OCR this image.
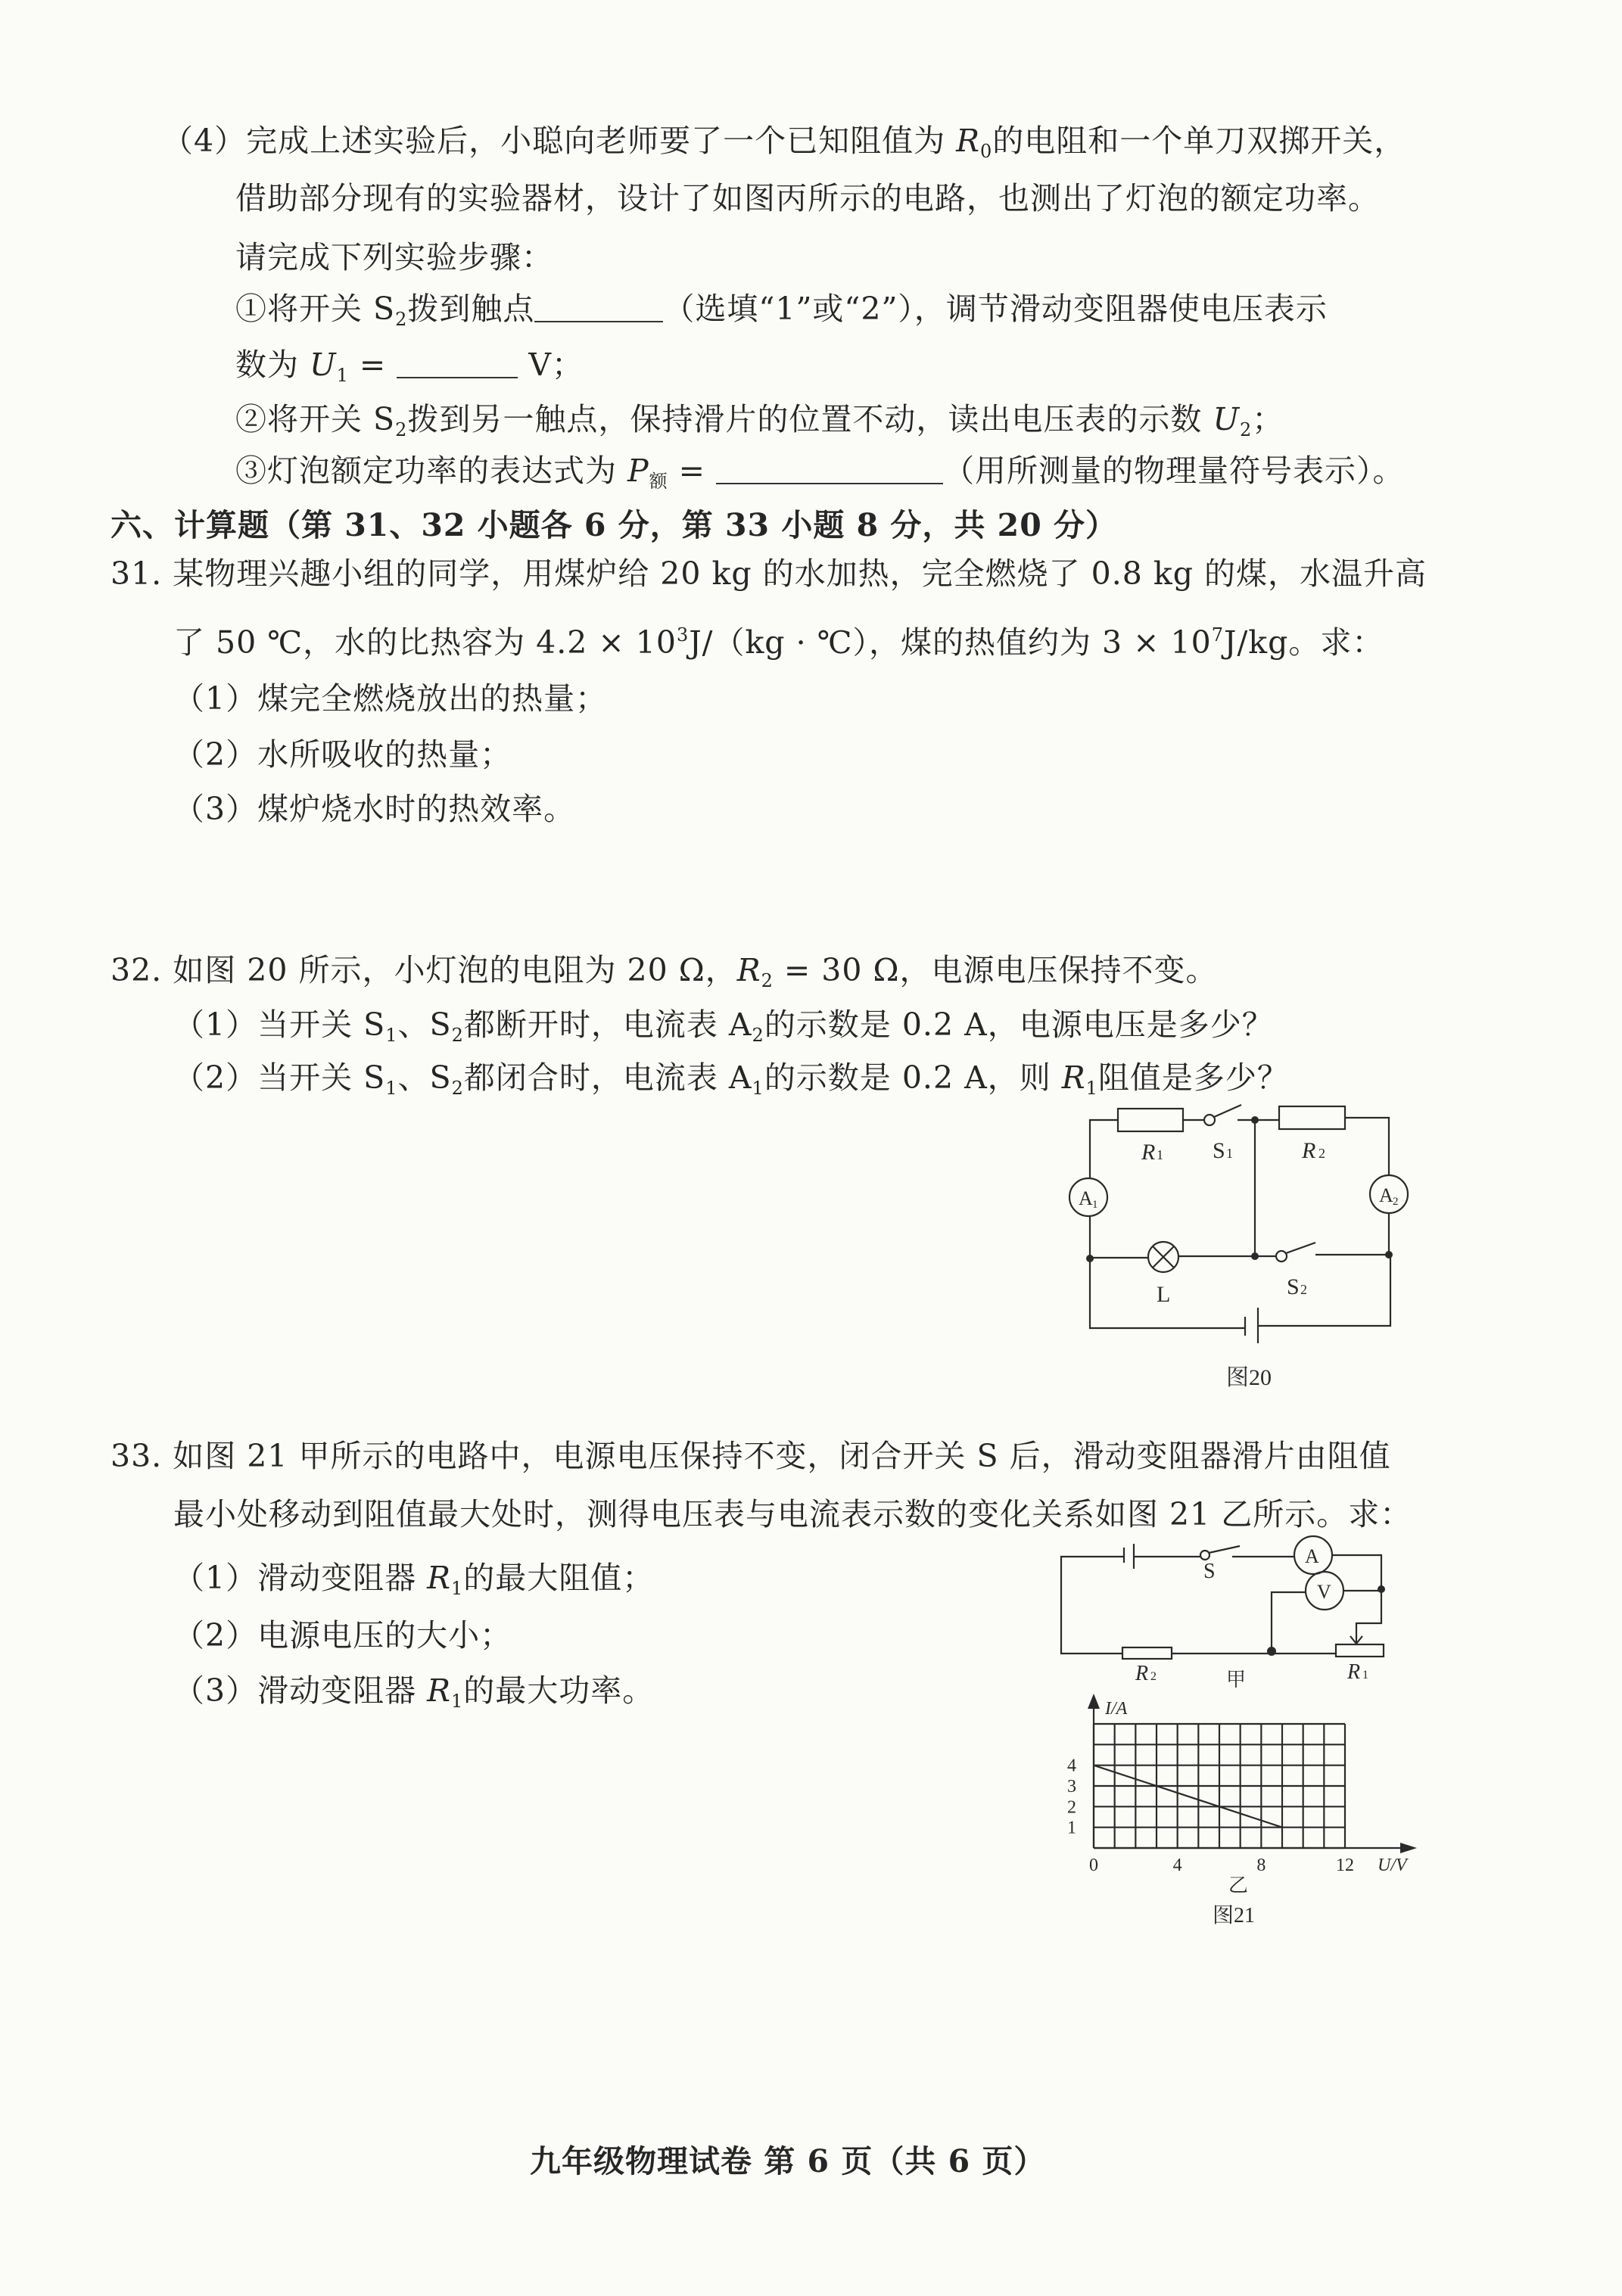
（4）完成上述实验后，小聪向老师要了一个已知阻值为 $R_0$的电阻和一个单刀双掷开关，
借助部分现有的实验器材，设计了如图丙所示的电路，也测出了灯泡的额定功率。
请完成下列实验步骤：
①将开关 $S_2$拨到触点	（选填“1”或“2”），调节滑动变阻器使电压表示
数为 $U_1$ =	V；
②将开关 $S_2$拨到另一触点，保持滑片的位置不动，读出电压表的示数 $U_2$；
③灯泡额定功率的表达式为 $P_额$ =	（用所测量的物理量符号表示）。
六、计算题（第 31、32 小题各 6 分，第 33 小题 8 分，共 20 分）
31. 某物理兴趣小组的同学，用煤炉给 20 kg 的水加热，完全燃烧了 0.8 kg 的煤，水温升高
了 50 ℃，水的比热容为 $4.2 \times 10^3J/(kg$ · ℃），煤的热值约为 $3 \times 10^7J/kg$。求：
（1）煤完全燃烧放出的热量；
（2）水所吸收的热量；
（3）煤炉烧水时的热效率。
32. 如图 20 所示，小灯泡的电阻为 20 Ω，$R_2 = 30$ Ω，电源电压保持不变。
（1）当开关 $S_1$、$S_2$都断开时，电流表 $A_2$的示数是 0.2 A，电源电压是多少？
（2）当开关 $S_1$、$S_2$都闭合时，电流表 $A_1$的示数是 0.2 A，则 $R_1$阻值是多少？
R 1 S 1	R 2
A 1	A 2
L	S 2
图20
33. 如图 21 甲所示的电路中，电源电压保持不变，闭合开关 S 后，滑动变阻器滑片由阻值
最小处移动到阻值最大处时，测得电压表与电流表示数的变化关系如图 21 乙所示。求：
（1）滑动变阻器 $R_1$的最大阻值；
（2）电源电压的大小；
（3）滑动变阻器 $R_1$的最大功率。
S
A
V
R 2	甲	R 1
0	4	8	12
1
2
3
4
I/A
U/V
乙
图21
九年级物理试卷 第 6 页（共 6 页）
